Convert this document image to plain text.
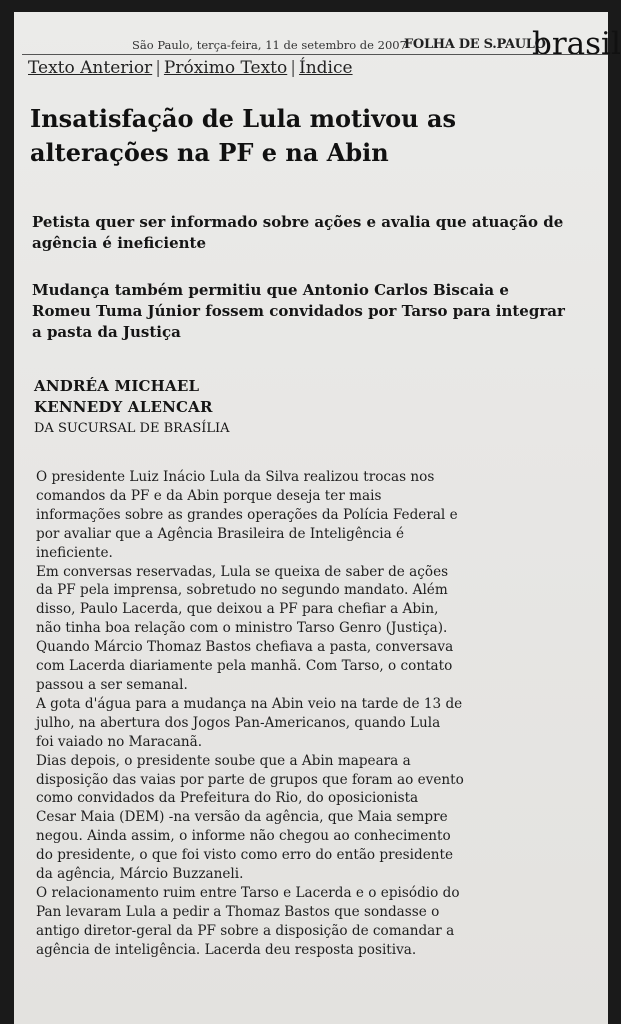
São Paulo, terça-feira, 11 de setembro de 2007
FOLHA DE S.PAULO
brasil
Texto Anterior | Próximo Texto | Índice
Insatisfação de Lula motivou as alterações na PF e na Abin

Petista quer ser informado sobre ações e avalia que atuação de agência é ineficiente

Mudança também permitiu que Antonio Carlos Biscaia e Romeu Tuma Júnior fossem convidados por Tarso para integrar a pasta da Justiça

ANDRÉA MICHAEL
KENNEDY ALENCAR
DA SUCURSAL DE BRASÍLIA
O presidente Luiz Inácio Lula da Silva realizou trocas nos
comandos da PF e da Abin porque deseja ter mais
informações sobre as grandes operações da Polícia Federal e
por avaliar que a Agência Brasileira de Inteligência é
ineficiente.
Em conversas reservadas, Lula se queixa de saber de ações
da PF pela imprensa, sobretudo no segundo mandato. Além
disso, Paulo Lacerda, que deixou a PF para chefiar a Abin,
não tinha boa relação com o ministro Tarso Genro (Justiça).
Quando Márcio Thomaz Bastos chefiava a pasta, conversava
com Lacerda diariamente pela manhã. Com Tarso, o contato
passou a ser semanal.
A gota d'água para a mudança na Abin veio na tarde de 13 de
julho, na abertura dos Jogos Pan-Americanos, quando Lula
foi vaiado no Maracanã.
Dias depois, o presidente soube que a Abin mapeara a
disposição das vaias por parte de grupos que foram ao evento
como convidados da Prefeitura do Rio, do oposicionista
Cesar Maia (DEM) -na versão da agência, que Maia sempre
negou. Ainda assim, o informe não chegou ao conhecimento
do presidente, o que foi visto como erro do então presidente
da agência, Márcio Buzzaneli.
O relacionamento ruim entre Tarso e Lacerda e o episódio do
Pan levaram Lula a pedir a Thomaz Bastos que sondasse o
antigo diretor-geral da PF sobre a disposição de comandar a
agência de inteligência. Lacerda deu resposta positiva.
